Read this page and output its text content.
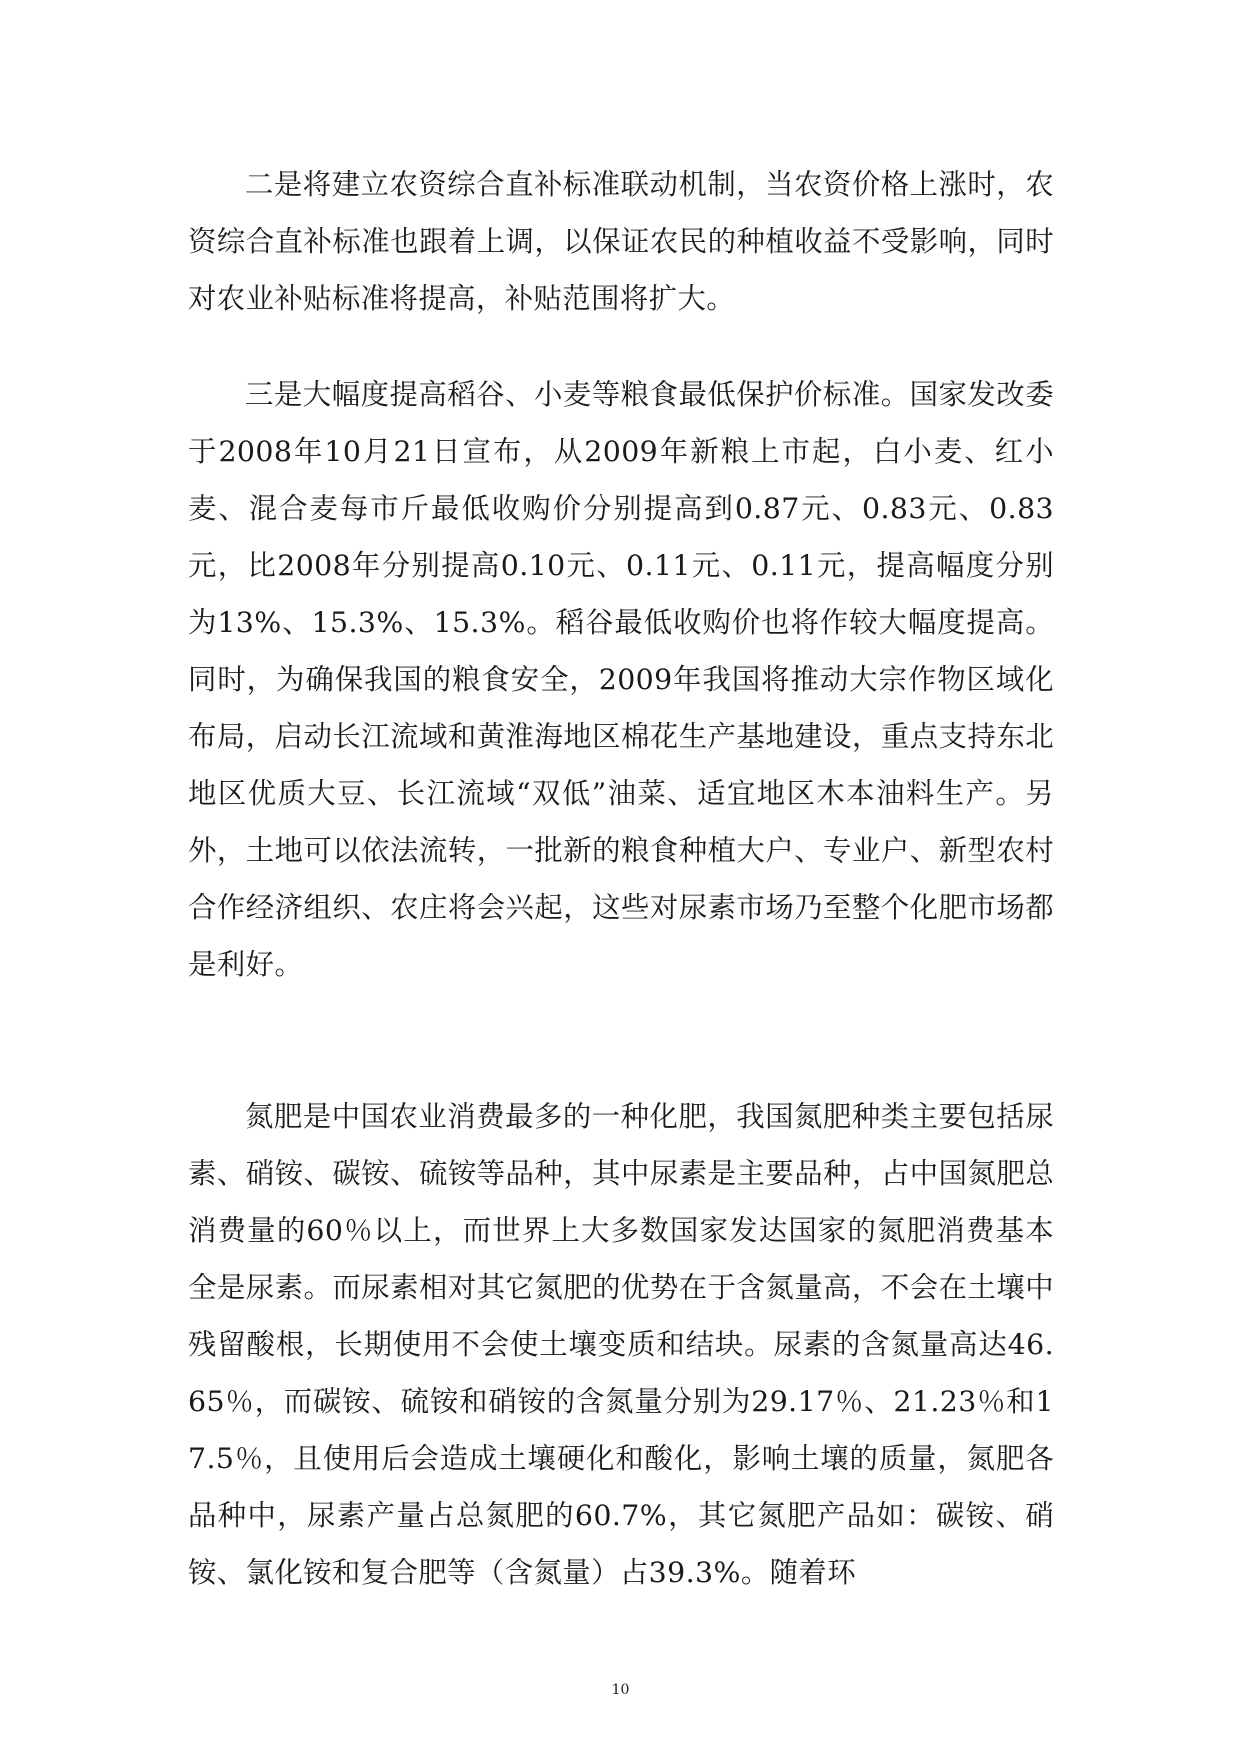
二是将建立农资综合直补标准联动机制，当农资价格上涨时，农资综合直补标准也跟着上调，以保证农民的种植收益不受影响，同时对农业补贴标准将提高，补贴范围将扩大。

三是大幅度提高稻谷、小麦等粮食最低保护价标准。国家发改委于2008年10月21日宣布，从2009年新粮上市起，白小麦、红小麦、混合麦每市斤最低收购价分别提高到0.87元、0.83元、0.83元，比2008年分别提高0.10元、0.11元、0.11元，提高幅度分别为13%、15.3%、15.3%。稻谷最低收购价也将作较大幅度提高。同时，为确保我国的粮食安全，2009年我国将推动大宗作物区域化布局，启动长江流域和黄淮海地区棉花生产基地建设，重点支持东北地区优质大豆、长江流域“双低”油菜、适宜地区木本油料生产。另外，土地可以依法流转，一批新的粮食种植大户、专业户、新型农村合作经济组织、农庄将会兴起，这些对尿素市场乃至整个化肥市场都是利好。

氮肥是中国农业消费最多的一种化肥，我国氮肥种类主要包括尿素、硝铵、碳铵、硫铵等品种，其中尿素是主要品种，占中国氮肥总消费量的60％以上，而世界上大多数国家发达国家的氮肥消费基本全是尿素。而尿素相对其它氮肥的优势在于含氮量高，不会在土壤中残留酸根，长期使用不会使土壤变质和结块。尿素的含氮量高达46.65％，而碳铵、硫铵和硝铵的含氮量分别为29.17％、21.23％和17.5％，且使用后会造成土壤硬化和酸化，影响土壤的质量，氮肥各品种中，尿素产量占总氮肥的60.7%，其它氮肥产品如：碳铵、硝铵、氯化铵和复合肥等（含氮量）占39.3%。随着环

10
